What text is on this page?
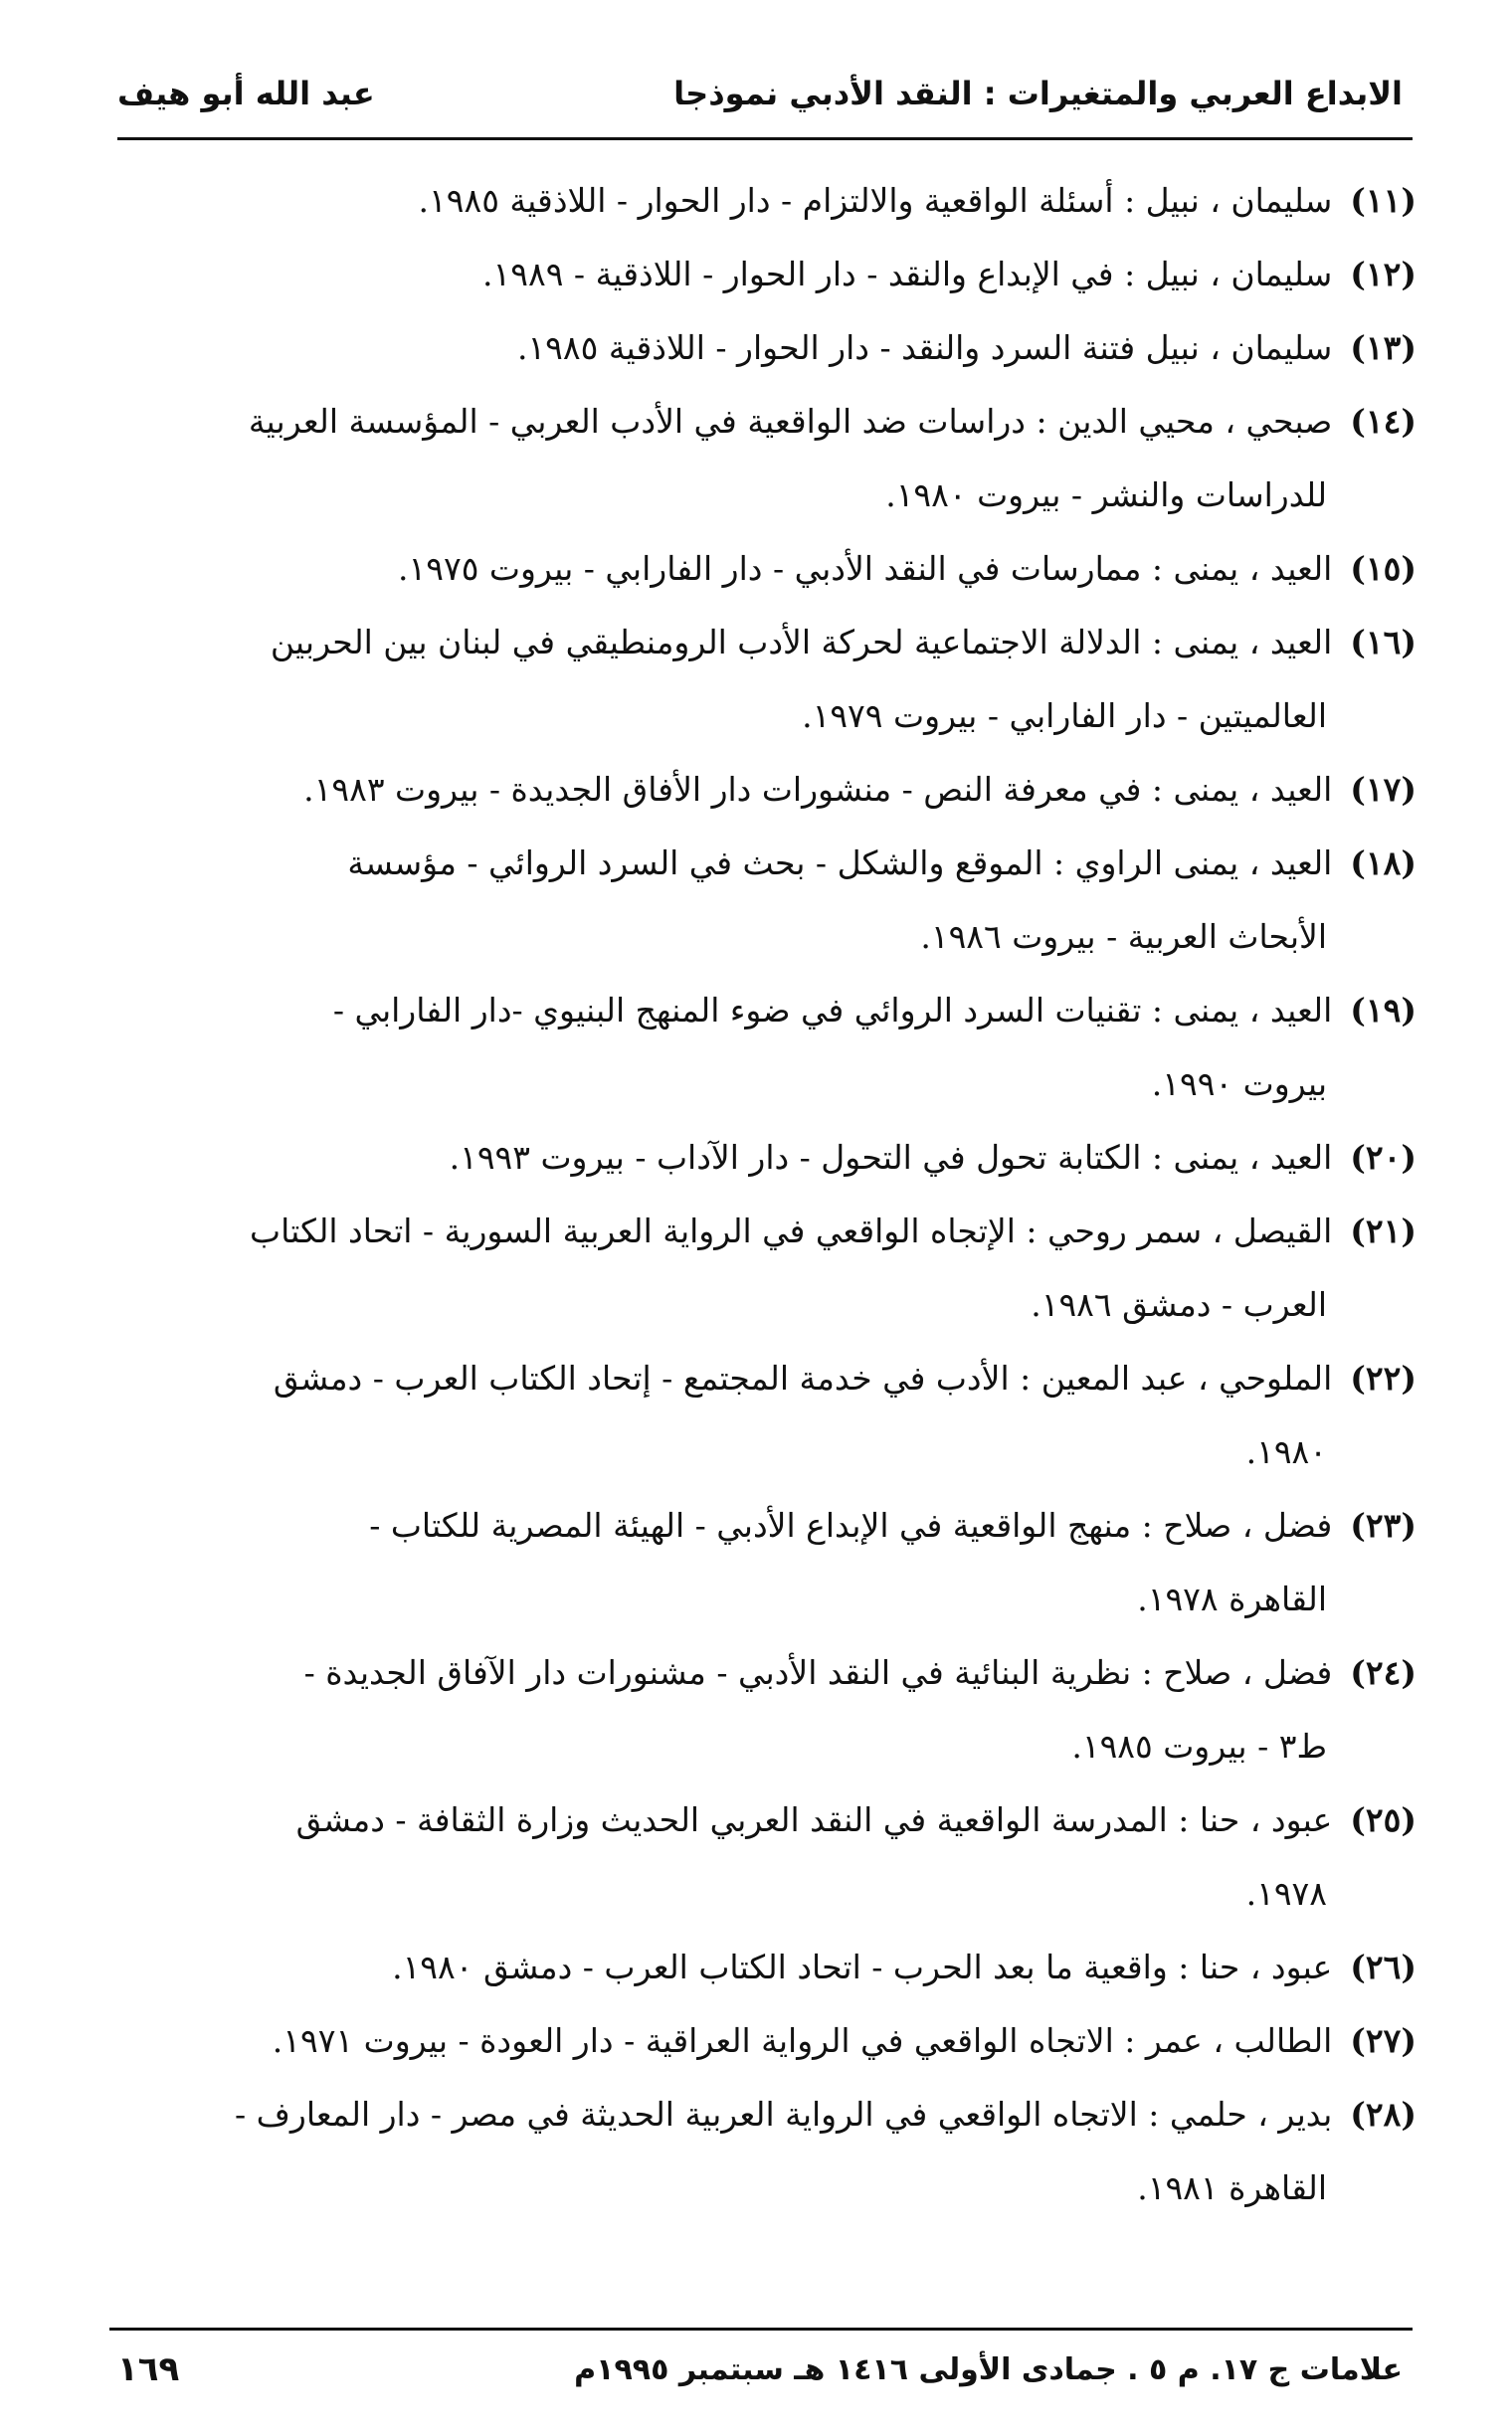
الابداع العربي والمتغيرات : النقد الأدبي نموذجا
عبد الله أبو هيف
(١١)سليمان ، نبيل : أسئلة الواقعية والالتزام - دار الحوار - اللاذقية ١٩٨٥.
(١٢)سليمان ، نبيل : في الإبداع والنقد - دار الحوار - اللاذقية - ١٩٨٩.
(١٣)سليمان ، نبيل فتنة السرد والنقد - دار الحوار - اللاذقية ١٩٨٥.
(١٤)صبحي ، محيي الدين : دراسات ضد الواقعية في الأدب العربي - المؤسسة العربية
للدراسات والنشر - بيروت ١٩٨٠.
(١٥)العيد ، يمنى : ممارسات في النقد الأدبي - دار الفارابي - بيروت ١٩٧٥.
(١٦)العيد ، يمنى : الدلالة الاجتماعية لحركة الأدب الرومنطيقي في لبنان بين الحربين
العالميتين - دار الفارابي - بيروت ١٩٧٩.
(١٧)العيد ، يمنى : في معرفة النص - منشورات دار الأفاق الجديدة - بيروت ١٩٨٣.
(١٨)العيد ، يمنى الراوي : الموقع والشكل - بحث في السرد الروائي - مؤسسة
الأبحاث العربية - بيروت ١٩٨٦.
(١٩)العيد ، يمنى : تقنيات السرد الروائي في ضوء المنهج البنيوي -دار الفارابي -
بيروت ١٩٩٠.
(٢٠)العيد ، يمنى : الكتابة تحول في التحول - دار الآداب - بيروت ١٩٩٣.
(٢١)القيصل ، سمر روحي : الإتجاه الواقعي في الرواية العربية السورية - اتحاد الكتاب
العرب - دمشق ١٩٨٦.
(٢٢)الملوحي ، عبد المعين : الأدب في خدمة المجتمع - إتحاد الكتاب العرب - دمشق
١٩٨٠.
(٢٣)فضل ، صلاح : منهج الواقعية في الإبداع الأدبي - الهيئة المصرية للكتاب -
القاهرة ١٩٧٨.
(٢٤)فضل ، صلاح : نظرية البنائية في النقد الأدبي - مشنورات دار الآفاق الجديدة -
ط٣ - بيروت ١٩٨٥.
(٢٥)عبود ، حنا : المدرسة الواقعية في النقد العربي الحديث وزارة الثقافة - دمشق
١٩٧٨.
(٢٦)عبود ، حنا : واقعية ما بعد الحرب - اتحاد الكتاب العرب - دمشق ١٩٨٠.
(٢٧)الطالب ، عمر : الاتجاه الواقعي في الرواية العراقية - دار العودة - بيروت ١٩٧١.
(٢٨)بدير ، حلمي : الاتجاه الواقعي في الرواية العربية الحديثة في مصر - دار المعارف -
القاهرة ١٩٨١.
علامات ج ١٧. م ٥ . جمادى الأولى ١٤١٦ هـ سبتمبر ١٩٩٥م
١٦٩
